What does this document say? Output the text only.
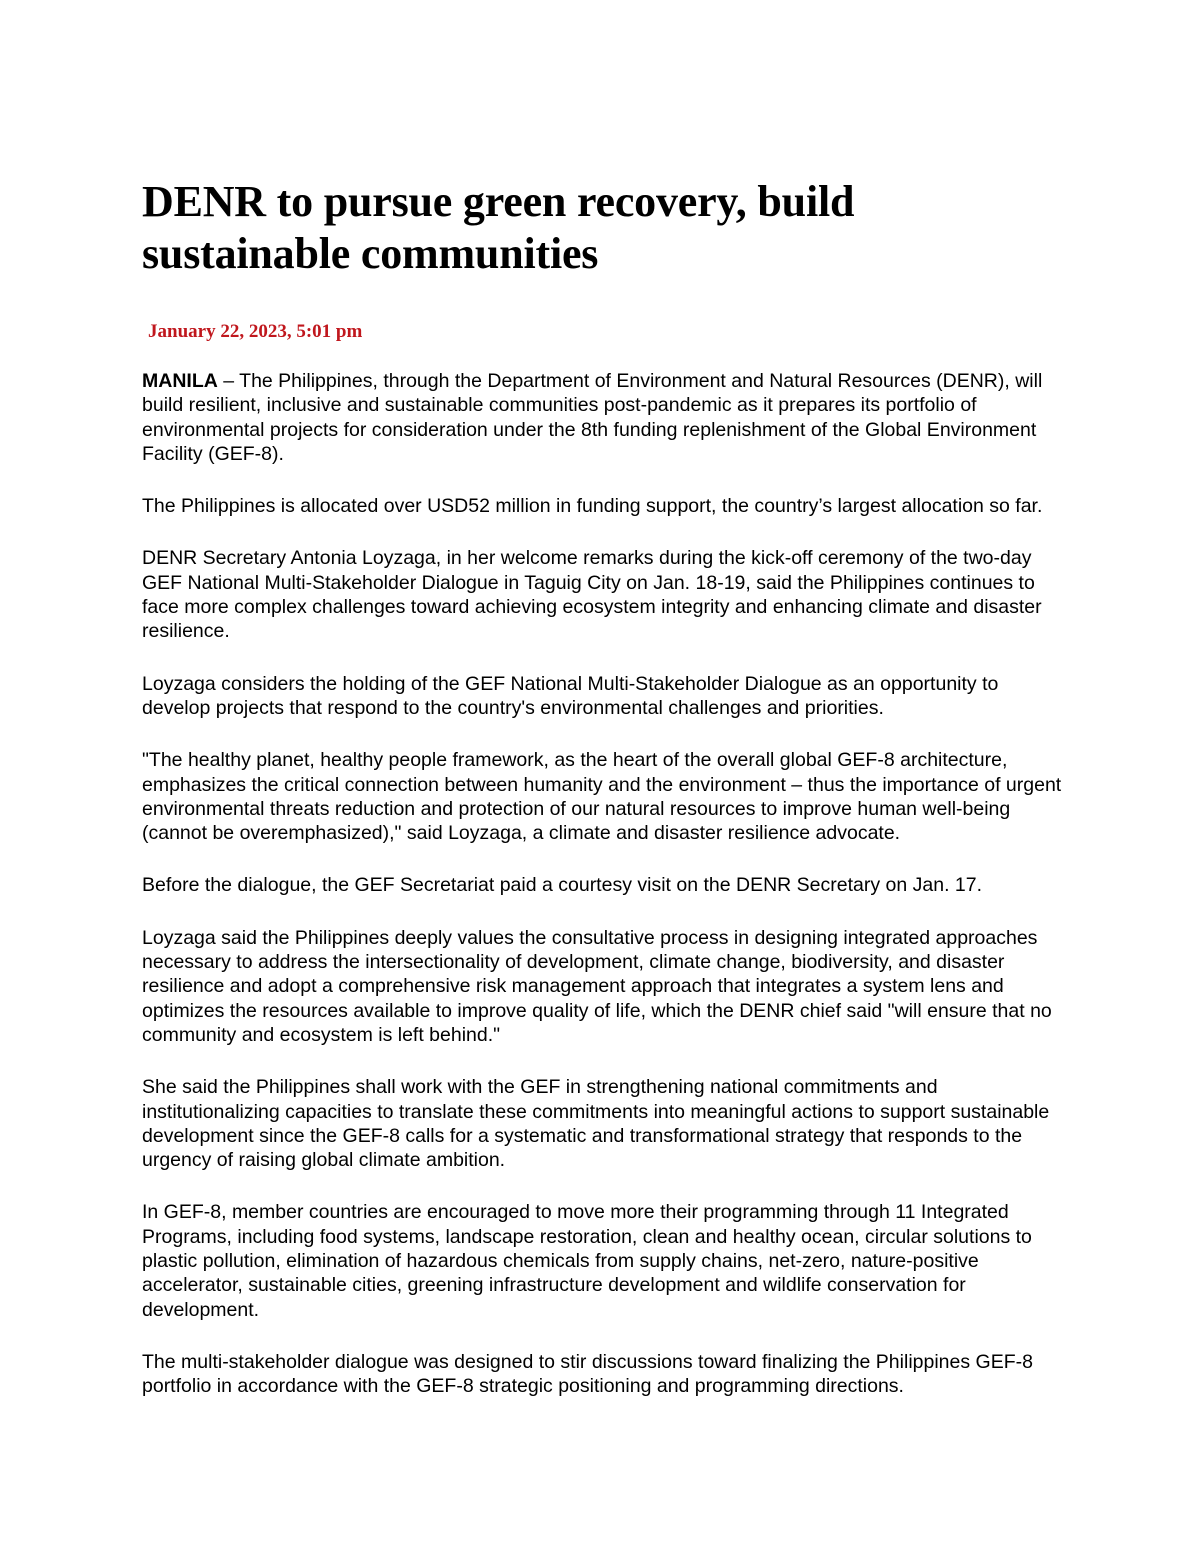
DENR to pursue green recovery, build sustainable communities
January 22, 2023, 5:01 pm

MANILA – The Philippines, through the Department of Environment and Natural Resources (DENR), will build resilient, inclusive and sustainable communities post-pandemic as it prepares its portfolio of environmental projects for consideration under the 8th funding replenishment of the Global Environment Facility (GEF-8).

The Philippines is allocated over USD52 million in funding support, the country’s largest allocation so far.

DENR Secretary Antonia Loyzaga, in her welcome remarks during the kick-off ceremony of the two-day GEF National Multi-Stakeholder Dialogue in Taguig City on Jan. 18-19, said the Philippines continues to face more complex challenges toward achieving ecosystem integrity and enhancing climate and disaster resilience.

Loyzaga considers the holding of the GEF National Multi-Stakeholder Dialogue as an opportunity to develop projects that respond to the country's environmental challenges and priorities.

"The healthy planet, healthy people framework, as the heart of the overall global GEF-8 architecture, emphasizes the critical connection between humanity and the environment – thus the importance of urgent environmental threats reduction and protection of our natural resources to improve human well-being (cannot be overemphasized)," said Loyzaga, a climate and disaster resilience advocate.

Before the dialogue, the GEF Secretariat paid a courtesy visit on the DENR Secretary on Jan. 17.

Loyzaga said the Philippines deeply values the consultative process in designing integrated approaches necessary to address the intersectionality of development, climate change, biodiversity, and disaster resilience and adopt a comprehensive risk management approach that integrates a system lens and optimizes the resources available to improve quality of life, which the DENR chief said "will ensure that no community and ecosystem is left behind."

She said the Philippines shall work with the GEF in strengthening national commitments and institutionalizing capacities to translate these commitments into meaningful actions to support sustainable development since the GEF-8 calls for a systematic and transformational strategy that responds to the urgency of raising global climate ambition.

In GEF-8, member countries are encouraged to move more their programming through 11 Integrated Programs, including food systems, landscape restoration, clean and healthy ocean, circular solutions to plastic pollution, elimination of hazardous chemicals from supply chains, net-zero, nature-positive accelerator, sustainable cities, greening infrastructure development and wildlife conservation for development.

The multi-stakeholder dialogue was designed to stir discussions toward finalizing the Philippines GEF-8 portfolio in accordance with the GEF-8 strategic positioning and programming directions.
